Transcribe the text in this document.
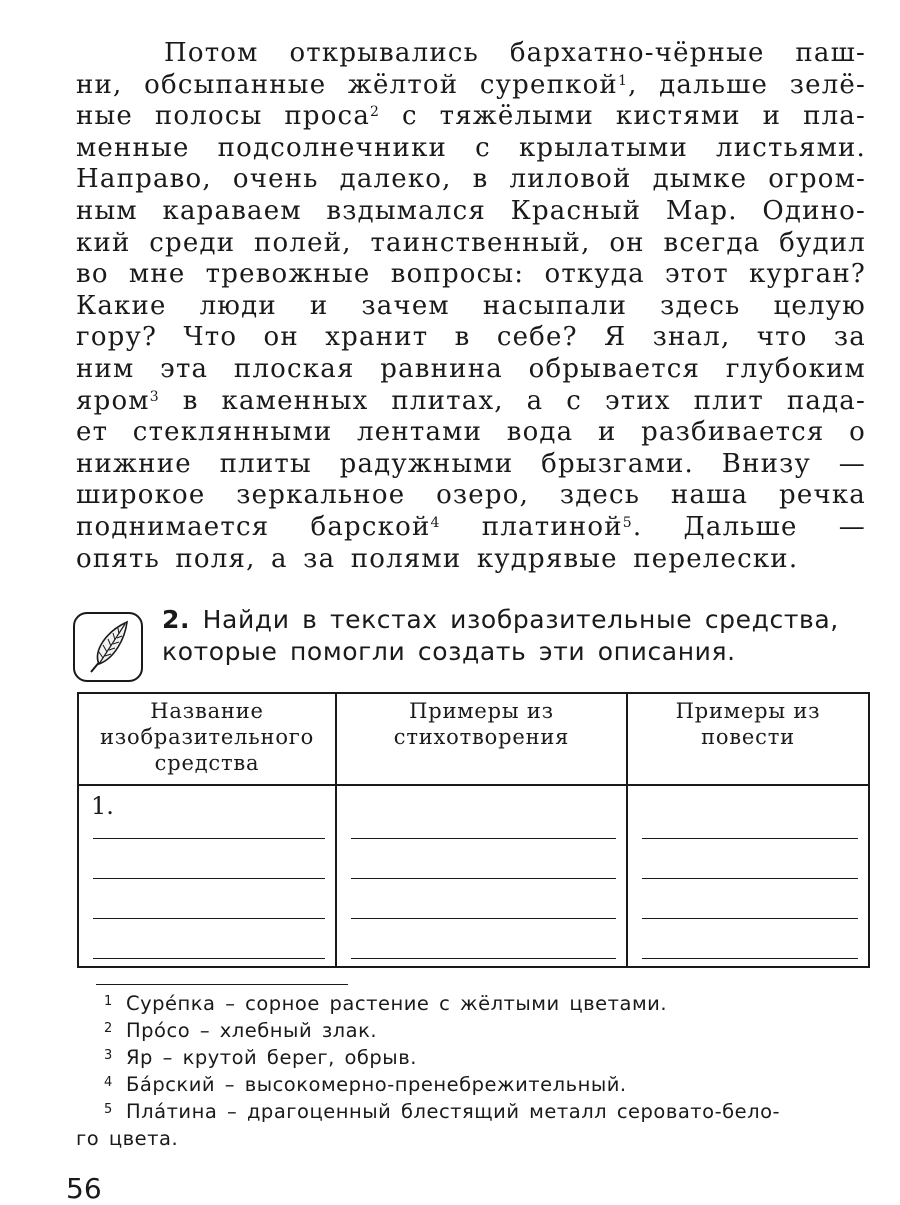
Потом открывались бархатно-чёрные паш-
ни, обсыпанные жёлтой сурепкой$^1$, дальше зелё-
ные полосы проса$^2$ с тяжёлыми кистями и пла-
менные подсолнечники с крылатыми листьями.
Направо, очень далеко, в лиловой дымке огром-
ным караваем вздымался Красный Мар. Одино-
кий среди полей, таинственный, он всегда будил
во мне тревожные вопросы: откуда этот курган?
Какие люди и зачем насыпали здесь целую
гору? Что он хранит в себе? Я знал, что за
ним эта плоская равнина обрывается глубоким
яром$^3$ в каменных плитах, а с этих плит пада-
ет стеклянными лентами вода и разбивается о
нижние плиты радужными брызгами. Внизу —
широкое зеркальное озеро, здесь наша речка
поднимается барской$^4$ платиной$^5$. Дальше —
опять поля, а за полями кудрявые перелески.
2. Найди в текстах изобразительные средства, которые помогли создать эти описания.
Название изобразительного средства	Примеры из стихотворения	Примеры из повести

1.		

1 Суре́пка – сорное растение с жёлтыми цветами.
2 Про́со – хлебный злак.
3 Яр – крутой берег, обрыв.
4 Ба́рский – высокомерно-пренебрежительный.
5 Пла́тина – драгоценный блестящий металл серовато-бело-
го цвета.
56
